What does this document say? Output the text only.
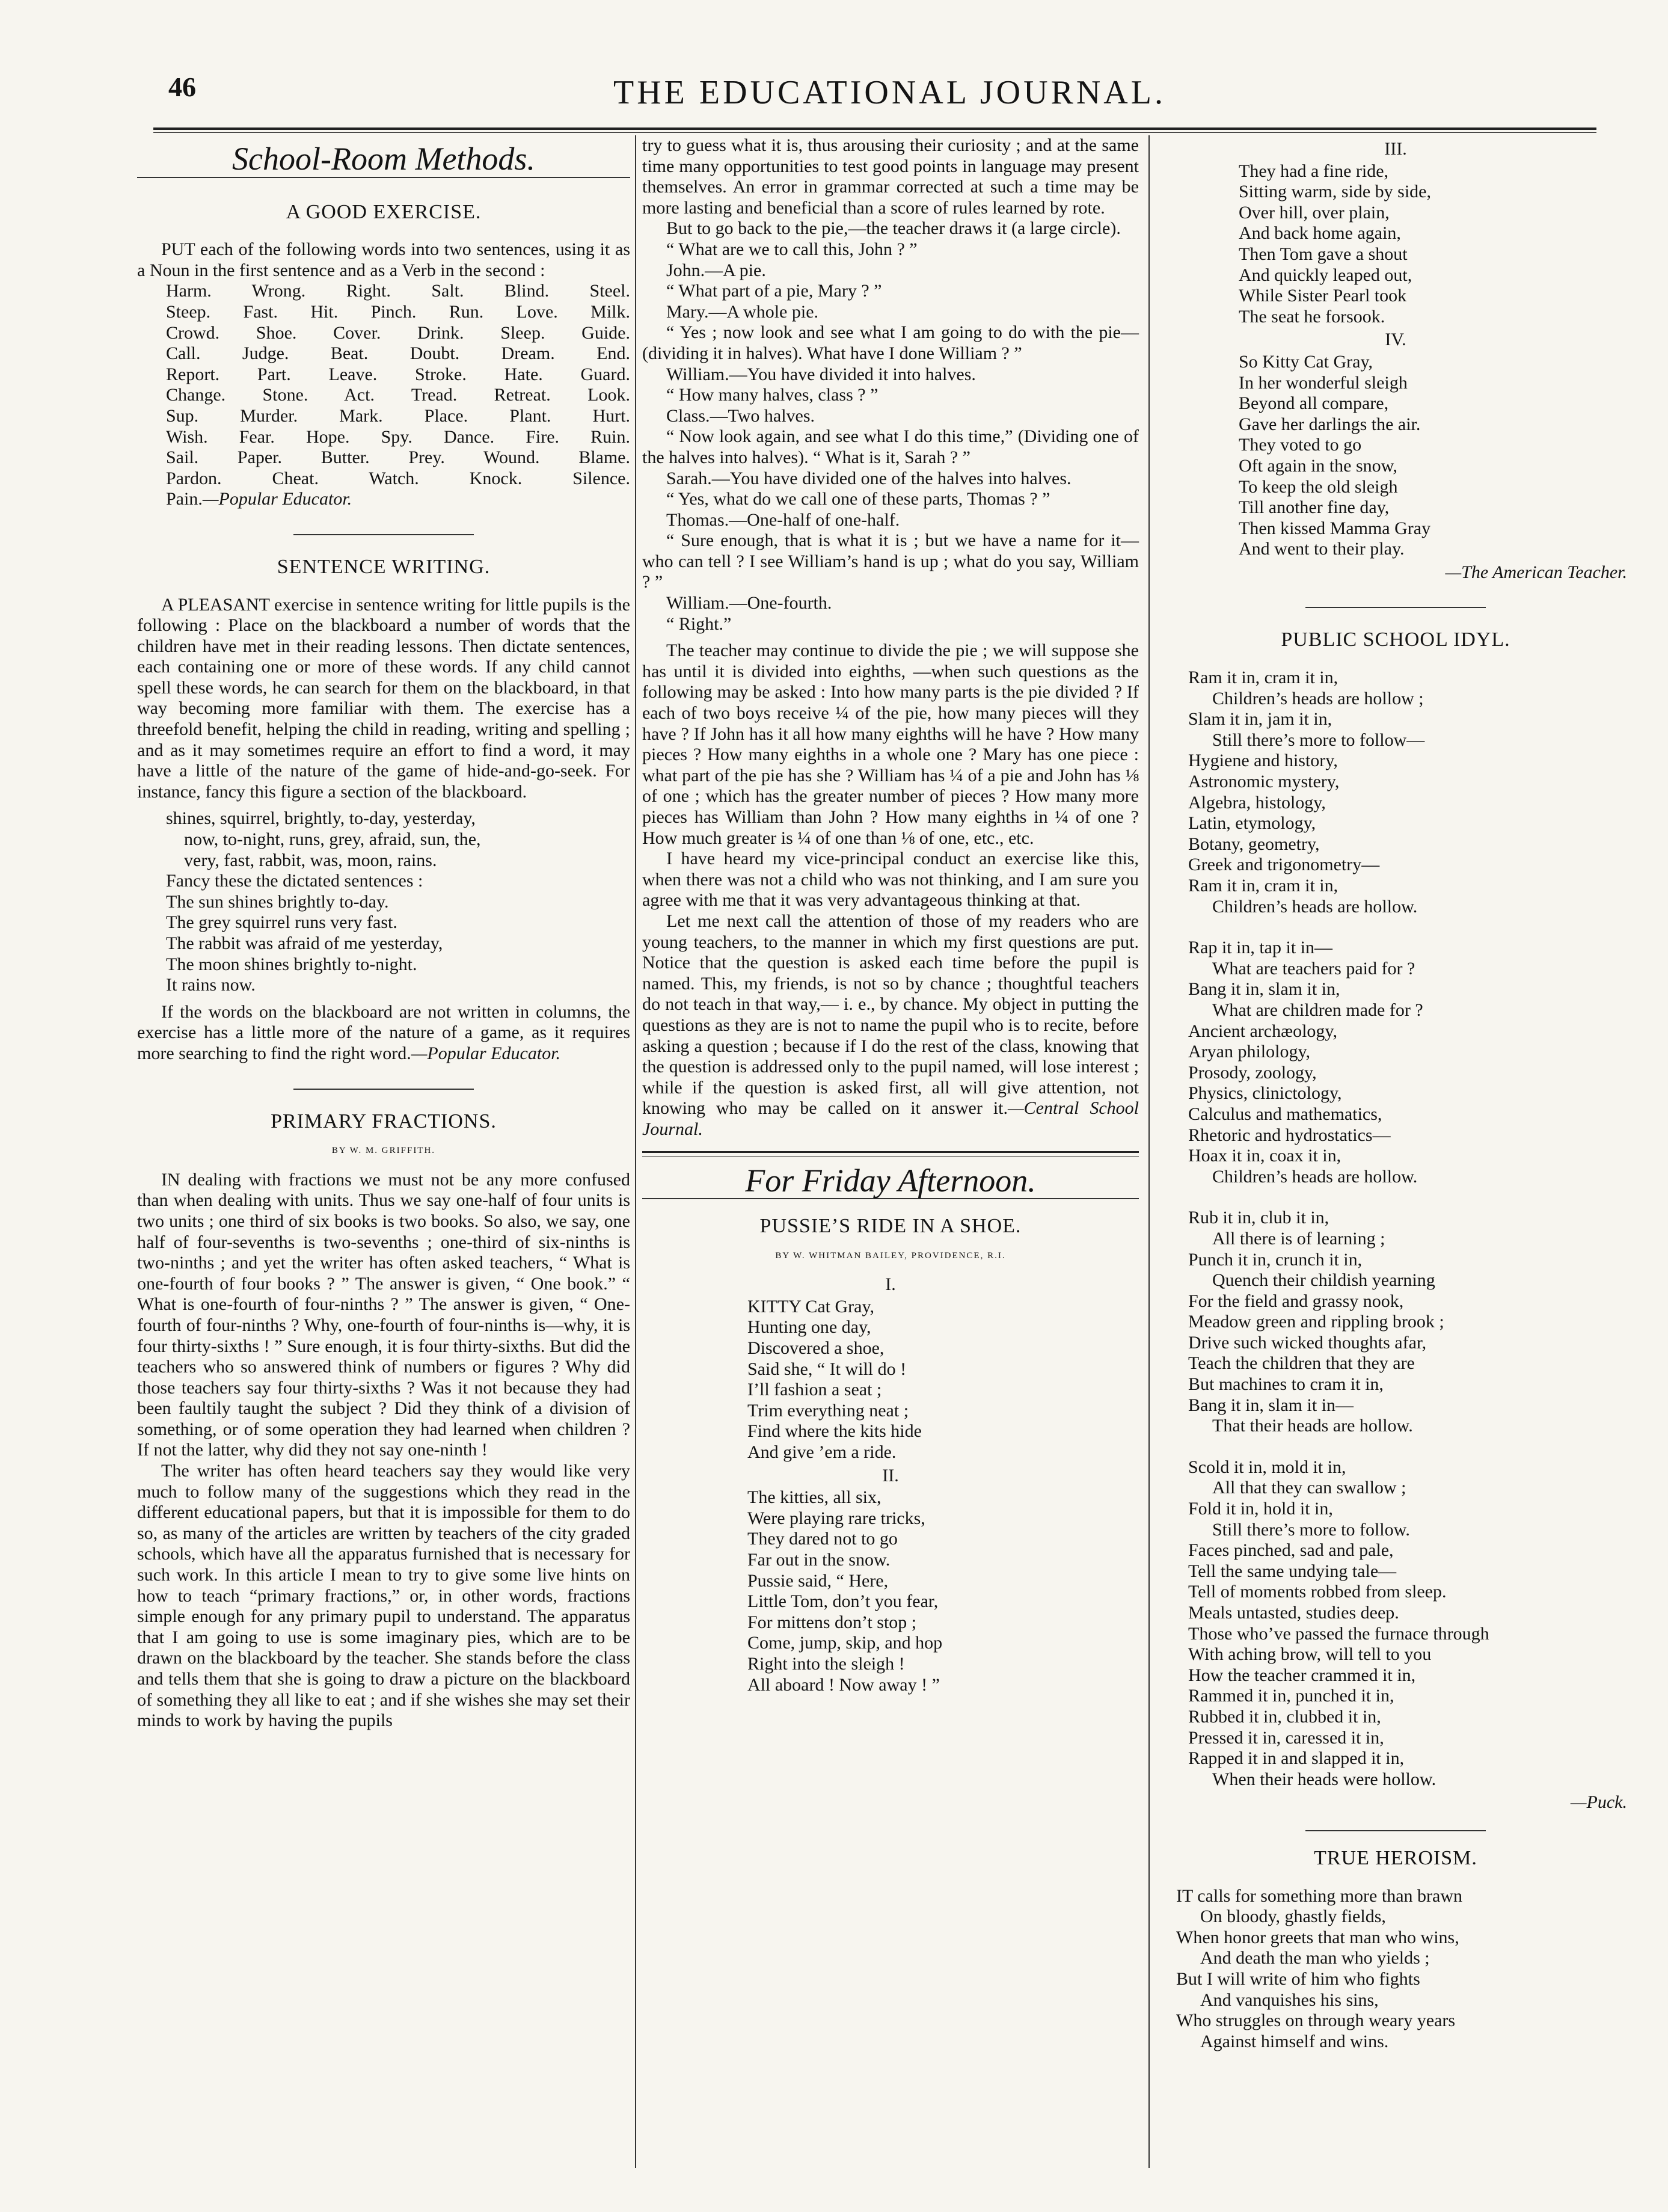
46	THE EDUCATIONAL JOURNAL.
School-Room Methods.
A GOOD EXERCISE.

PUT each of the following words into two sentences, using it as a Noun in the first sentence and as a Verb in the second :

Harm. Wrong. Right. Salt. Blind. Steel.
Steep. Fast. Hit. Pinch. Run. Love. Milk.
Crowd. Shoe. Cover. Drink. Sleep. Guide.
Call. Judge. Beat. Doubt. Dream. End.
Report. Part. Leave. Stroke. Hate. Guard.
Change. Stone. Act. Tread. Retreat. Look.
Sup. Murder. Mark. Place. Plant. Hurt.
Wish. Fear. Hope. Spy. Dance. Fire. Ruin.
Sail. Paper. Butter. Prey. Wound. Blame.
Pardon. Cheat. Watch. Knock. Silence.

Pain.—Popular Educator.

SENTENCE WRITING.

A PLEASANT exercise in sentence writing for little pupils is the following : Place on the blackboard a number of words that the children have met in their reading lessons. Then dictate sentences, each containing one or more of these words. If any child cannot spell these words, he can search for them on the blackboard, in that way becoming more familiar with them. The exercise has a threefold benefit, helping the child in reading, writing and spelling ; and as it may sometimes require an effort to find a word, it may have a little of the nature of the game of hide-and-go-seek. For instance, fancy this figure a section of the blackboard.

shines, squirrel, brightly, to-day, yesterday,
now, to-night, runs, grey, afraid, sun, the,
very, fast, rabbit, was, moon, rains.
Fancy these the dictated sentences :
The sun shines brightly to-day.
The grey squirrel runs very fast.
The rabbit was afraid of me yesterday,
The moon shines brightly to-night.
It rains now.

If the words on the blackboard are not written in columns, the exercise has a little more of the nature of a game, as it requires more searching to find the right word.—Popular Educator.

PRIMARY FRACTIONS.
BY W. M. GRIFFITH.

IN dealing with fractions we must not be any more confused than when dealing with units. Thus we say one-half of four units is two units ; one third of six books is two books. So also, we say, one half of four-sevenths is two-sevenths ; one-third of six-ninths is two-ninths ; and yet the writer has often asked teachers, “ What is one-fourth of four books ? ” The answer is given, “ One book.” “ What is one-fourth of four-ninths ? ” The answer is given, “ One-fourth of four-ninths ? Why, one-fourth of four-ninths is—why, it is four thirty-sixths ! ” Sure enough, it is four thirty-sixths. But did the teachers who so answered think of numbers or figures ? Why did those teachers say four thirty-sixths ? Was it not because they had been faultily taught the subject ? Did they think of a division of something, or of some operation they had learned when children ? If not the latter, why did they not say one-ninth !

The writer has often heard teachers say they would like very much to follow many of the suggestions which they read in the different educational papers, but that it is impossible for them to do so, as many of the articles are written by teachers of the city graded schools, which have all the apparatus furnished that is necessary for such work. In this article I mean to try to give some live hints on how to teach “primary fractions,” or, in other words, fractions simple enough for any primary pupil to understand. The apparatus that I am going to use is some imaginary pies, which are to be drawn on the blackboard by the teacher. She stands before the class and tells them that she is going to draw a picture on the blackboard of something they all like to eat ; and if she wishes she may set their minds to work by having the pupils

try to guess what it is, thus arousing their curiosity ; and at the same time many opportunities to test good points in language may present themselves. An error in grammar corrected at such a time may be more lasting and beneficial than a score of rules learned by rote.

But to go back to the pie,—the teacher draws it (a large circle).

“ What are we to call this, John ? ”
John.—A pie.
“ What part of a pie, Mary ? ”
Mary.—A whole pie.

“ Yes ; now look and see what I am going to do with the pie—(dividing it in halves). What have I done William ? ”

William.—You have divided it into halves.
“ How many halves, class ? ”
Class.—Two halves.

“ Now look again, and see what I do this time,” (Dividing one of the halves into halves). “ What is it, Sarah ? ”

Sarah.—You have divided one of the halves into halves.

“ Yes, what do we call one of these parts, Thomas ? ”

Thomas.—One-half of one-half.

“ Sure enough, that is what it is ; but we have a name for it—who can tell ? I see William’s hand is up ; what do you say, William ? ”

William.—One-fourth.
“ Right.”

The teacher may continue to divide the pie ; we will suppose she has until it is divided into eighths, —when such questions as the following may be asked : Into how many parts is the pie divided ? If each of two boys receive ¼ of the pie, how many pieces will they have ? If John has it all how many eighths will he have ? How many pieces ? How many eighths in a whole one ? Mary has one piece : what part of the pie has she ? William has ¼ of a pie and John has ⅛ of one ; which has the greater number of pieces ? How many more pieces has William than John ? How many eighths in ¼ of one ? How much greater is ¼ of one than ⅛ of one, etc., etc.

I have heard my vice-principal conduct an exercise like this, when there was not a child who was not thinking, and I am sure you agree with me that it was very advantageous thinking at that.

Let me next call the attention of those of my readers who are young teachers, to the manner in which my first questions are put. Notice that the question is asked each time before the pupil is named. This, my friends, is not so by chance ; thoughtful teachers do not teach in that way,— i. e., by chance. My object in putting the questions as they are is not to name the pupil who is to recite, before asking a question ; because if I do the rest of the class, knowing that the question is addressed only to the pupil named, will lose interest ; while if the question is asked first, all will give attention, not knowing who may be called on it answer it.—Central School Journal.

For Friday Afternoon.
PUSSIE’S RIDE IN A SHOE.
BY W. WHITMAN BAILEY, PROVIDENCE, R.I.
I.
KITTY Cat Gray,
Hunting one day,
Discovered a shoe,
Said she, “ It will do !
I’ll fashion a seat ;
Trim everything neat ;
Find where the kits hide
And give ’em a ride.
II.
The kitties, all six,
Were playing rare tricks,
They dared not to go
Far out in the snow.
Pussie said, “ Here,
Little Tom, don’t you fear,
For mittens don’t stop ;
Come, jump, skip, and hop
Right into the sleigh !
All aboard ! Now away ! ”
III.
They had a fine ride,
Sitting warm, side by side,
Over hill, over plain,
And back home again,
Then Tom gave a shout
And quickly leaped out,
While Sister Pearl took
The seat he forsook.
IV.
So Kitty Cat Gray,
In her wonderful sleigh
Beyond all compare,
Gave her darlings the air.
They voted to go
Oft again in the snow,
To keep the old sleigh
Till another fine day,
Then kissed Mamma Gray
And went to their play.
—The American Teacher.
PUBLIC SCHOOL IDYL.
Ram it in, cram it in,
Children’s heads are hollow ;
Slam it in, jam it in,
Still there’s more to follow—
Hygiene and history,
Astronomic mystery,
Algebra, histology,
Latin, etymology,
Botany, geometry,
Greek and trigonometry—
Ram it in, cram it in,
Children’s heads are hollow.
Rap it in, tap it in—
What are teachers paid for ?
Bang it in, slam it in,
What are children made for ?
Ancient archæology,
Aryan philology,
Prosody, zoology,
Physics, clinictology,
Calculus and mathematics,
Rhetoric and hydrostatics—
Hoax it in, coax it in,
Children’s heads are hollow.
Rub it in, club it in,
All there is of learning ;
Punch it in, crunch it in,
Quench their childish yearning
For the field and grassy nook,
Meadow green and rippling brook ;
Drive such wicked thoughts afar,
Teach the children that they are
But machines to cram it in,
Bang it in, slam it in—
That their heads are hollow.
Scold it in, mold it in,
All that they can swallow ;
Fold it in, hold it in,
Still there’s more to follow.
Faces pinched, sad and pale,
Tell the same undying tale—
Tell of moments robbed from sleep.
Meals untasted, studies deep.
Those who’ve passed the furnace through
With aching brow, will tell to you
How the teacher crammed it in,
Rammed it in, punched it in,
Rubbed it in, clubbed it in,
Pressed it in, caressed it in,
Rapped it in and slapped it in,
When their heads were hollow.
—Puck.
TRUE HEROISM.
IT calls for something more than brawn
On bloody, ghastly fields,
When honor greets that man who wins,
And death the man who yields ;
But I will write of him who fights
And vanquishes his sins,
Who struggles on through weary years
Against himself and wins.
